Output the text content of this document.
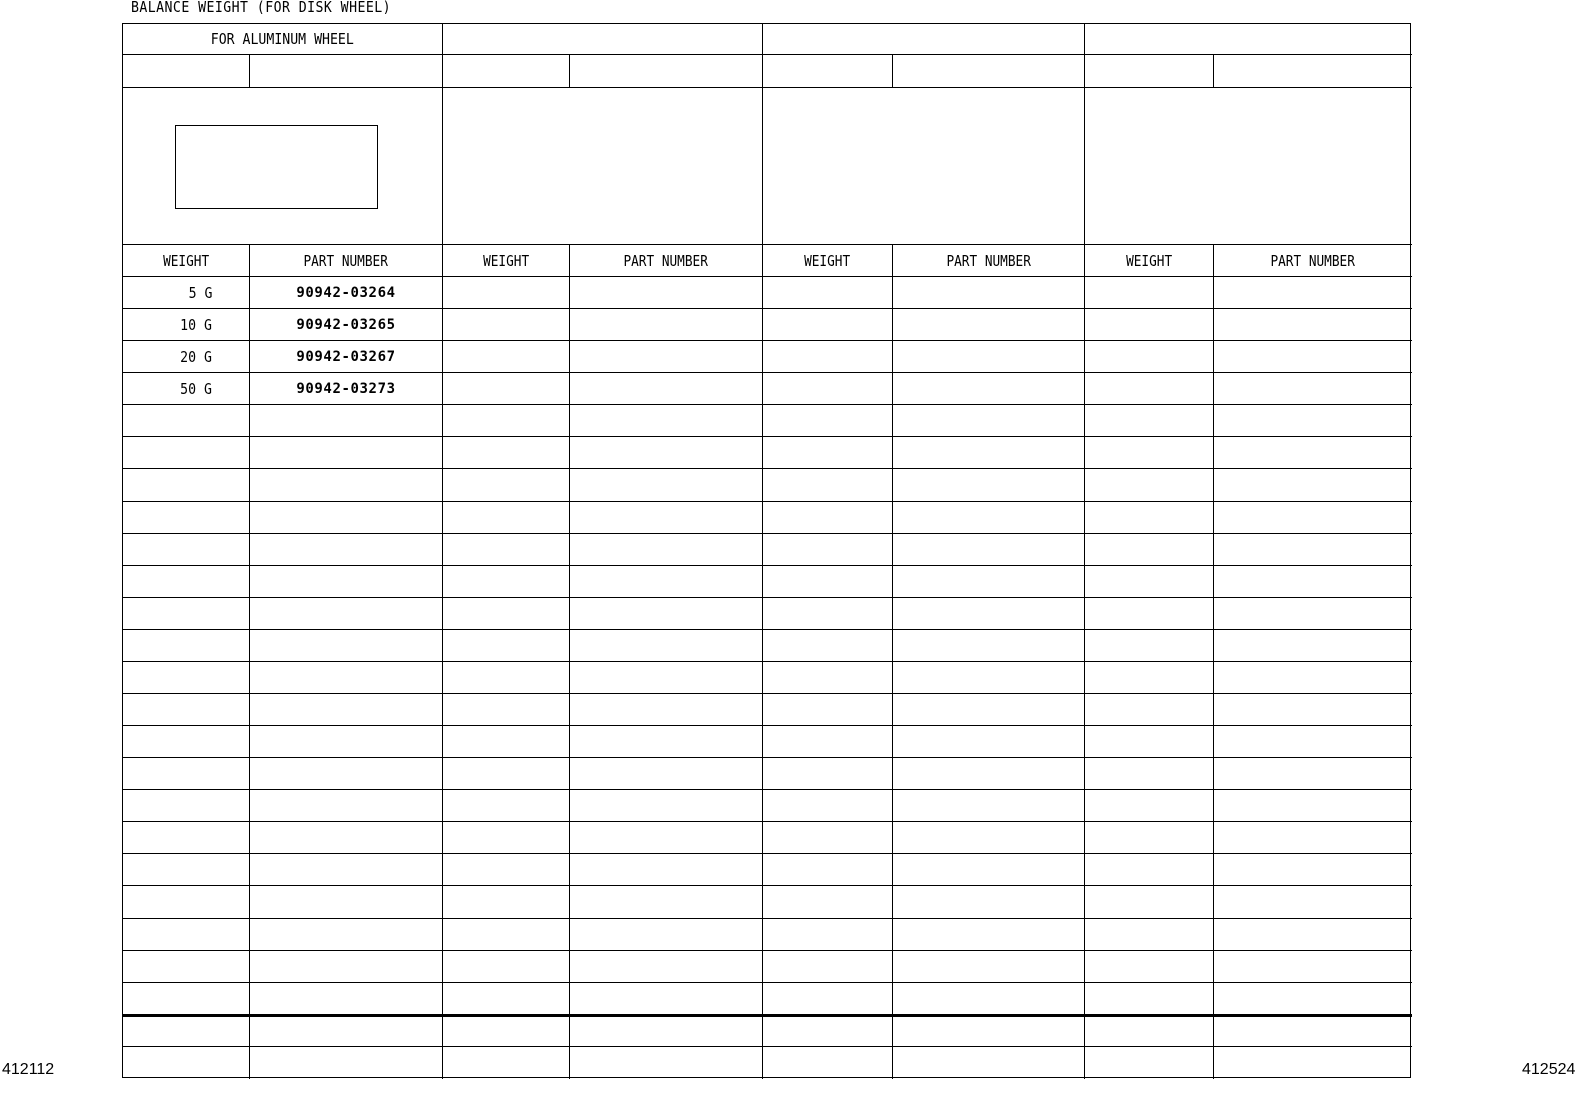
BALANCE WEIGHT (FOR DISK WHEEL)
FOR ALUMINUM WHEEL
WEIGHT	PART NUMBER	WEIGHT	PART NUMBER	WEIGHT	PART NUMBER	WEIGHT	PART NUMBER
5 G	90942-03264
10 G	90942-03265
20 G	90942-03267
50 G	90942-03273
412112	412524
